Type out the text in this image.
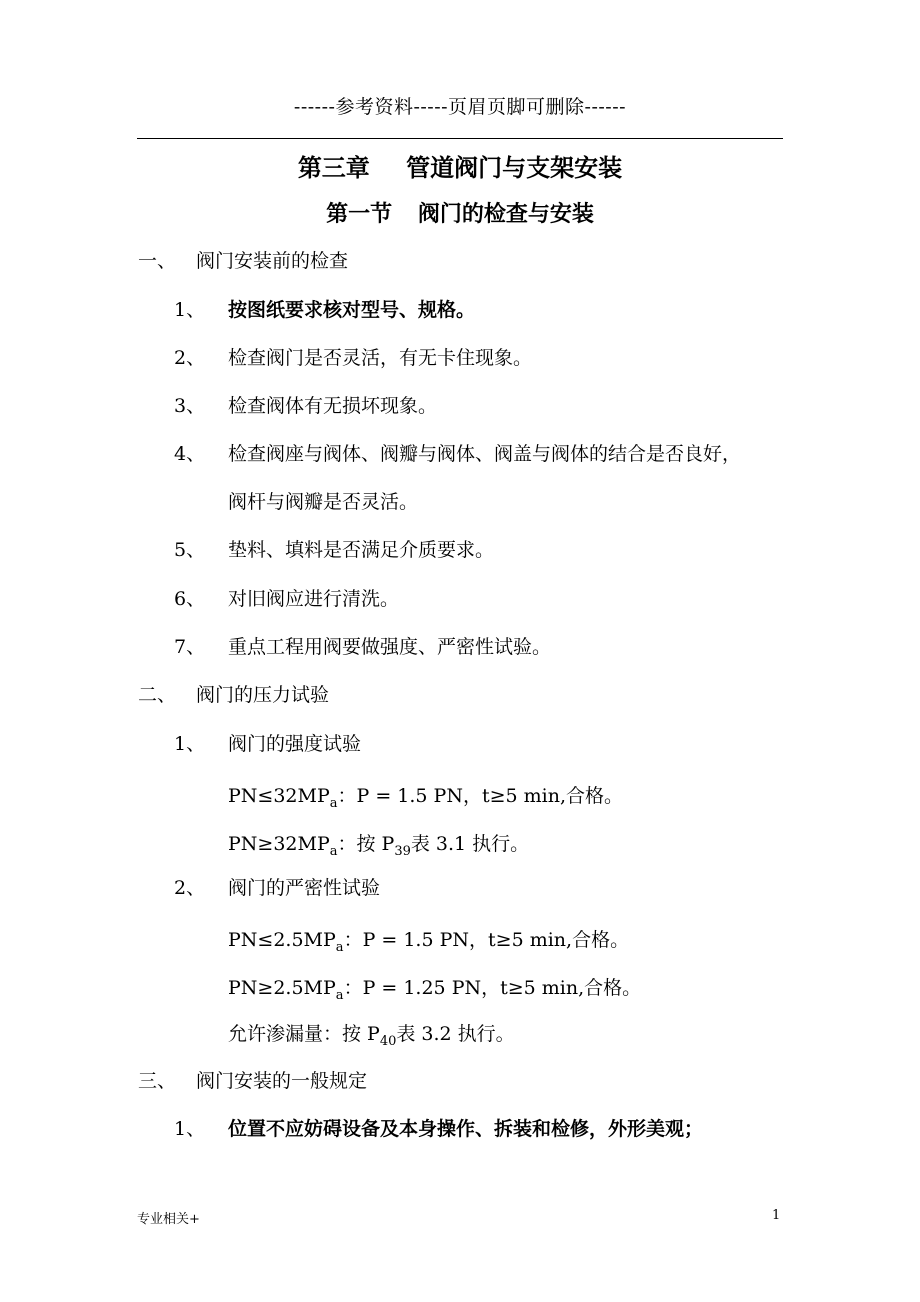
------参考资料-----页眉页脚可删除------
第三章 管道阀门与支架安装
第一节 阀门的检查与安装
一、 阀门安装前的检查
1、 按图纸要求核对型号、规格。
2、 检查阀门是否灵活，有无卡住现象。
3、 检查阀体有无损坏现象。
4、 检查阀座与阀体、阀瓣与阀体、阀盖与阀体的结合是否良好，
阀杆与阀瓣是否灵活。
5、 垫料、填料是否满足介质要求。
6、 对旧阀应进行清洗。
7、 重点工程用阀要做强度、严密性试验。
二、 阀门的压力试验
1、 阀门的强度试验
$PN\le 32MP_a$：P = 1.5 PN，t≥5 min,合格。
$PN\ge 32MP_a$：按 $P_{39}$表 3.1 执行。
2、 阀门的严密性试验
$PN\le 2.5MP_a$：P = 1.5 PN，t≥5 min,合格。
$PN\ge 2.5MP_a$：P = 1.25 PN，t≥5 min,合格。
允许渗漏量：按 $P_{40}$表 3.2 执行。
三、 阀门安装的一般规定
1、 位置不应妨碍设备及本身操作、拆装和检修，外形美观；
专业相关+	1
